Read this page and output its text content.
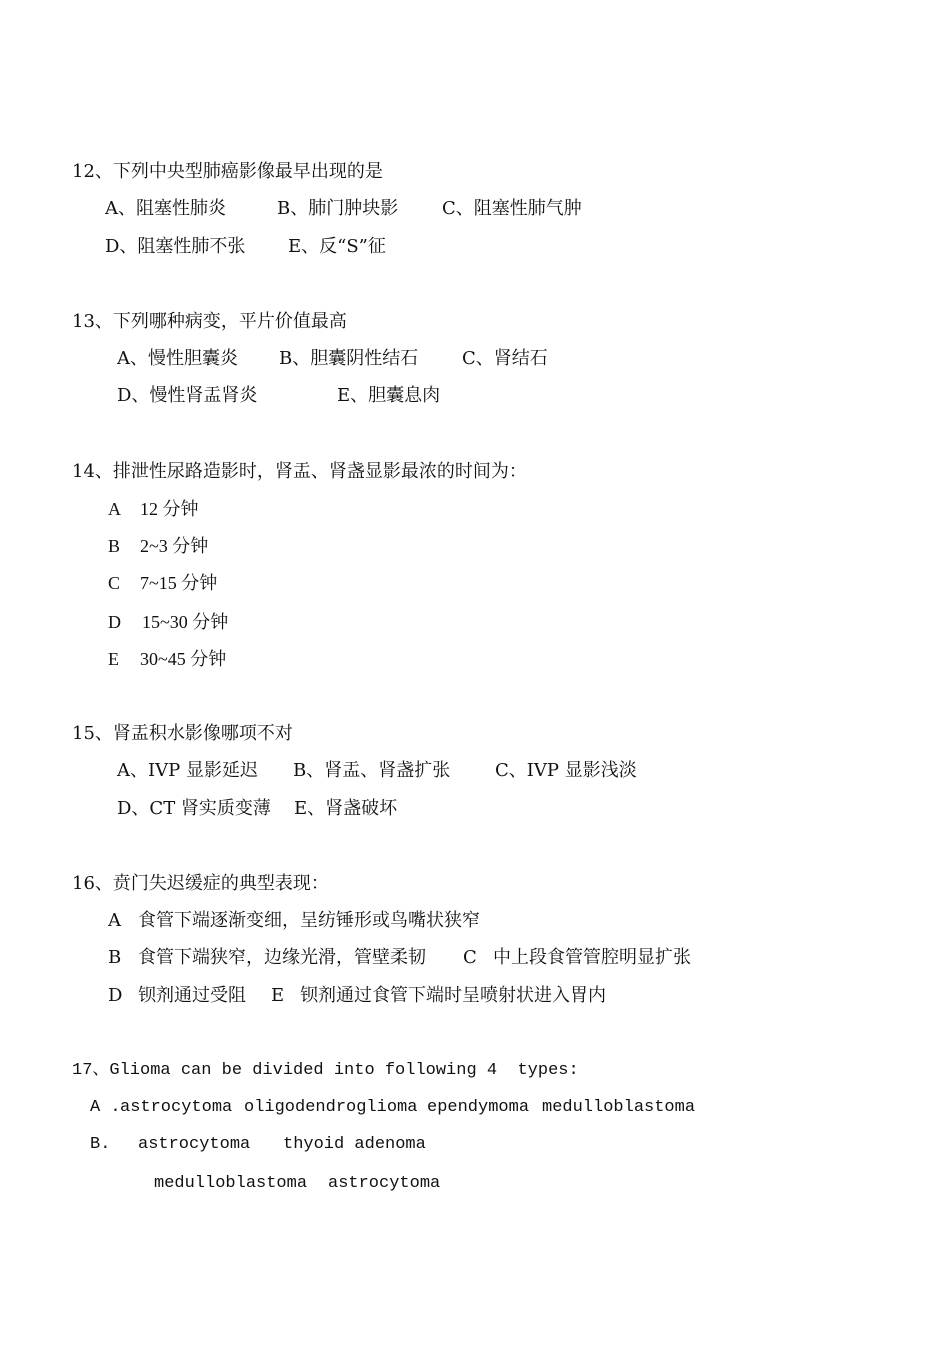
12、下列中央型肺癌影像最早出现的是
A、阻塞性肺炎	B、肺门肿块影 C、阻塞性肺气肿
D、阻塞性肺不张 E、反“S”征
13、下列哪种病变，平片价值最高
A、慢性胆囊炎 B、胆囊阴性结石 C、肾结石
D、慢性肾盂肾炎	E、胆囊息肉
14、排泄性尿路造影时，肾盂、肾盏显影最浓的时间为：
A 12 分钟
B 2~3 分钟
C 7~15 分钟
D 15~30 分钟
E 30~45 分钟
15、肾盂积水影像哪项不对
A、IVP 显影延迟 B、肾盂、肾盏扩张 C、IVP 显影浅淡
D、CT 肾实质变薄 E、肾盏破坏
16、贲门失迟缓症的典型表现：
A 食管下端逐渐变细，呈纺锤形或鸟嘴状狭窄
B 食管下端狭窄，边缘光滑，管壁柔韧 C 中上段食管管腔明显扩张
D 钡剂通过受阻 E 钡剂通过食管下端时呈喷射状进入胃内
17、Glioma can be divided into following 4  types:
A . astrocytoma oligodendroglioma ependymoma medulloblastoma
B. astrocytoma thyoid adenoma
medulloblastoma astrocytoma
